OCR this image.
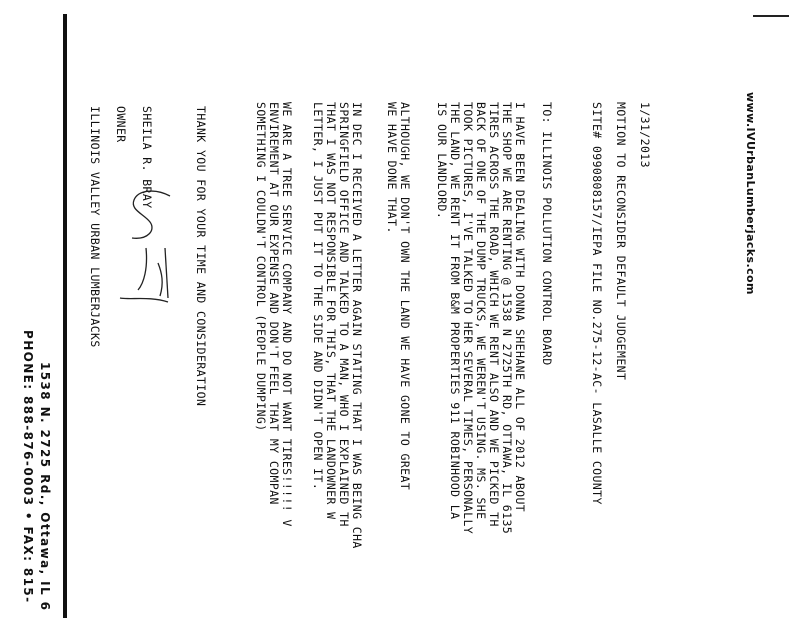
www.IVUrbanLumberjacks.com
1538 N. 2725 Rd., Ottawa, IL 6
PHONE: 888-876-0003 • FAX: 815-
1/31/2013
MOTION TO RECONSIDER DEFAULT JUDGEMENT
SITE# 0990808157/IEPA FILE NO.275-12-AC- LASALLE COUNTY
TO: ILLINOIS POLLUTION CONTROL BOARD
I HAVE BEEN DEALING WITH DONNA SHEHANE ALL OF 2012 ABOUT
THE SHOP WE ARE RENTING @ 1538 N 2725TH RD, OTTAWA, IL 6135
TIRES ACROSS THE ROAD, WHICH WE RENT ALSO AND WE PICKED TH
BACK OF ONE OF THE DUMP TRUCKS, WE WEREN'T USING. MS. SHE
TOOK PICTURES, I'VE TALKED TO HER SEVERAL TIMES, PERSONALLY
THE LAND, WE RENT IT FROM B&M PROPERTIES 911 ROBINHOOD LA
IS OUR LANDLORD.
ALTHOUGH, WE DON'T OWN THE LAND WE HAVE GONE TO GREAT
WE HAVE DONE THAT.
IN DEC I RECEIVED A LETTER AGAIN STATING THAT I WAS BEING CHA
SPRINGFIELD OFFICE AND TALKED TO A MAN, WHO I EXPLAINED TH
THAT I WAS NOT RESPONSIBLE FOR THIS, THAT THE LANDOWNER W
LETTER, I JUST PUT IT TO THE SIDE AND DIDN'T OPEN IT.
WE ARE A TREE SERVICE COMPANY AND DO NOT WANT TIRES!!!!! V
ENVIREMENT AT OUR EXPENSE AND DON'T FEEL THAT MY COMPAN
SOMETHING I COULDN'T CONTROL (PEOPLE DUMPING)
THANK YOU FOR YOUR TIME AND CONSIDERATION
SHEILA R. BRAY
OWNER
ILLINOIS VALLEY URBAN LUMBERJACKS
